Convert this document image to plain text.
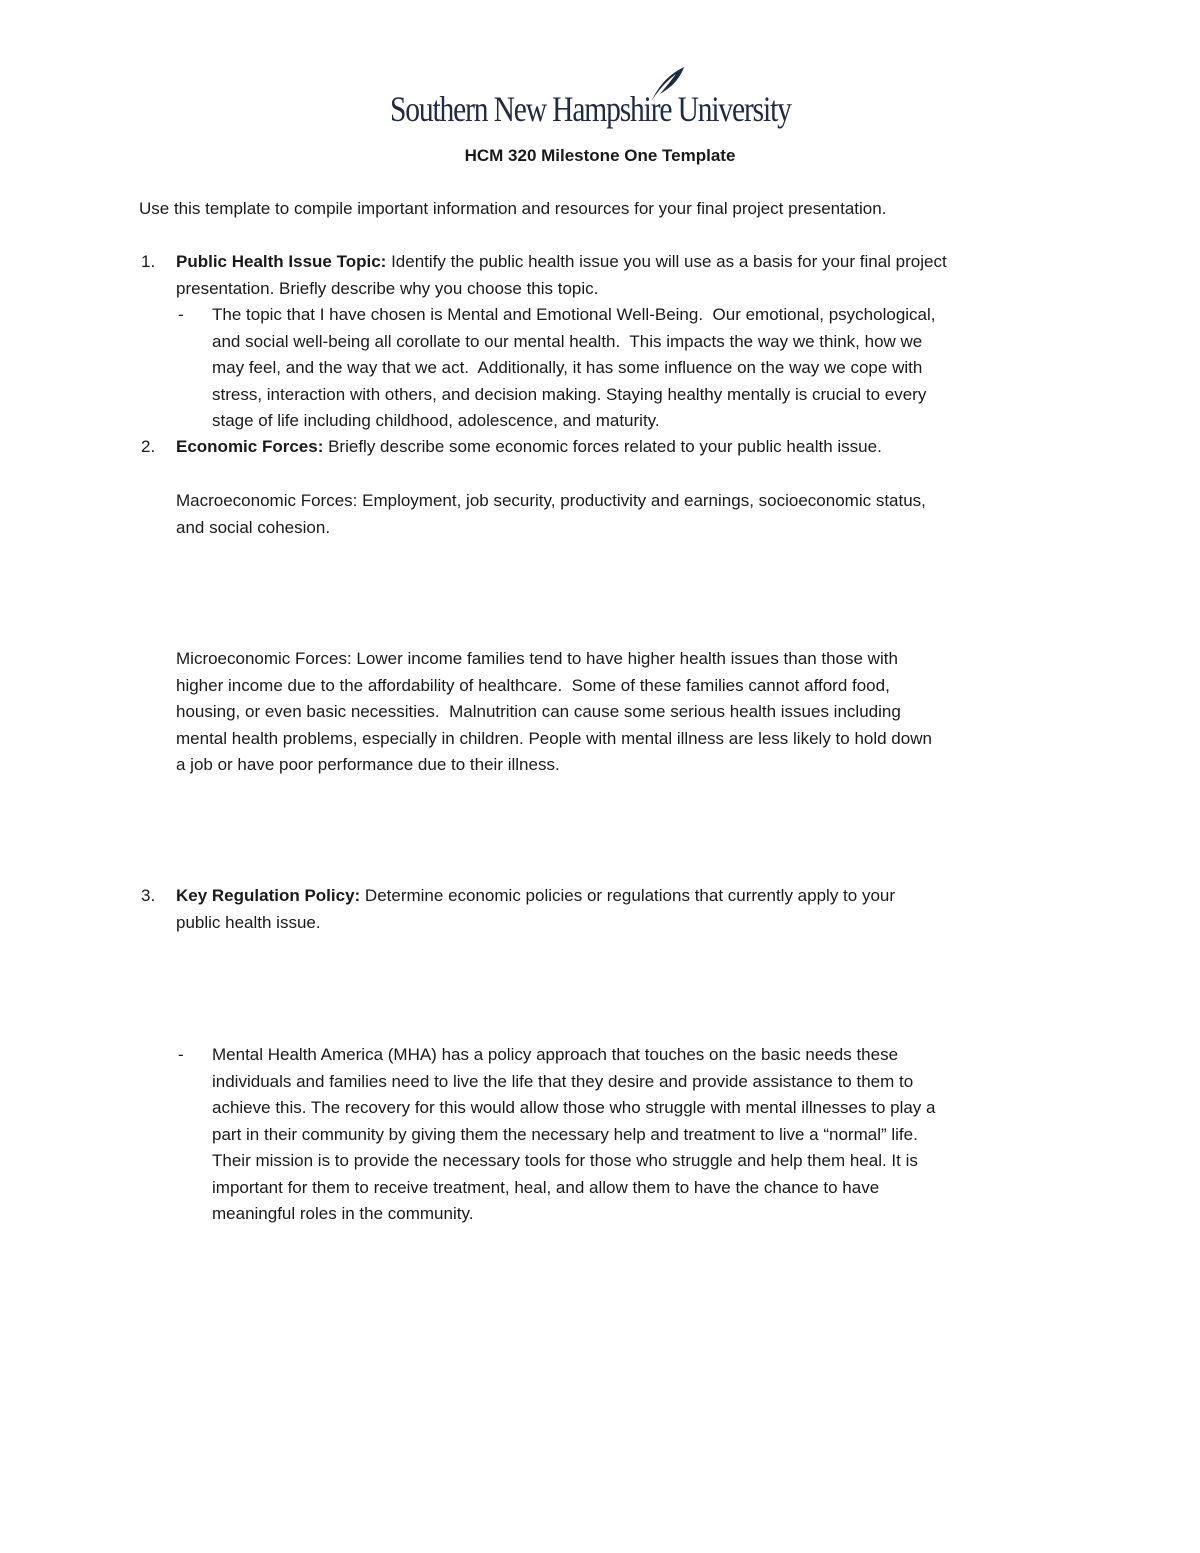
Southern New Hampshire University
HCM 320 Milestone One Template
Use this template to compile important information and resources for your final project presentation.
1. Public Health Issue Topic: Identify the public health issue you will use as a basis for your final project
presentation. Briefly describe why you choose this topic.
- The topic that I have chosen is Mental and Emotional Well-Being.  Our emotional, psychological,
and social well-being all corollate to our mental health.  This impacts the way we think, how we
may feel, and the way that we act.  Additionally, it has some influence on the way we cope with
stress, interaction with others, and decision making. Staying healthy mentally is crucial to every
stage of life including childhood, adolescence, and maturity.
2. Economic Forces: Briefly describe some economic forces related to your public health issue.
Macroeconomic Forces: Employment, job security, productivity and earnings, socioeconomic status,
and social cohesion.
Microeconomic Forces: Lower income families tend to have higher health issues than those with
higher income due to the affordability of healthcare.  Some of these families cannot afford food,
housing, or even basic necessities.  Malnutrition can cause some serious health issues including
mental health problems, especially in children. People with mental illness are less likely to hold down
a job or have poor performance due to their illness.
3. Key Regulation Policy: Determine economic policies or regulations that currently apply to your
public health issue.
- Mental Health America (MHA) has a policy approach that touches on the basic needs these
individuals and families need to live the life that they desire and provide assistance to them to
achieve this. The recovery for this would allow those who struggle with mental illnesses to play a
part in their community by giving them the necessary help and treatment to live a “normal” life.
Their mission is to provide the necessary tools for those who struggle and help them heal. It is
important for them to receive treatment, heal, and allow them to have the chance to have
meaningful roles in the community.
